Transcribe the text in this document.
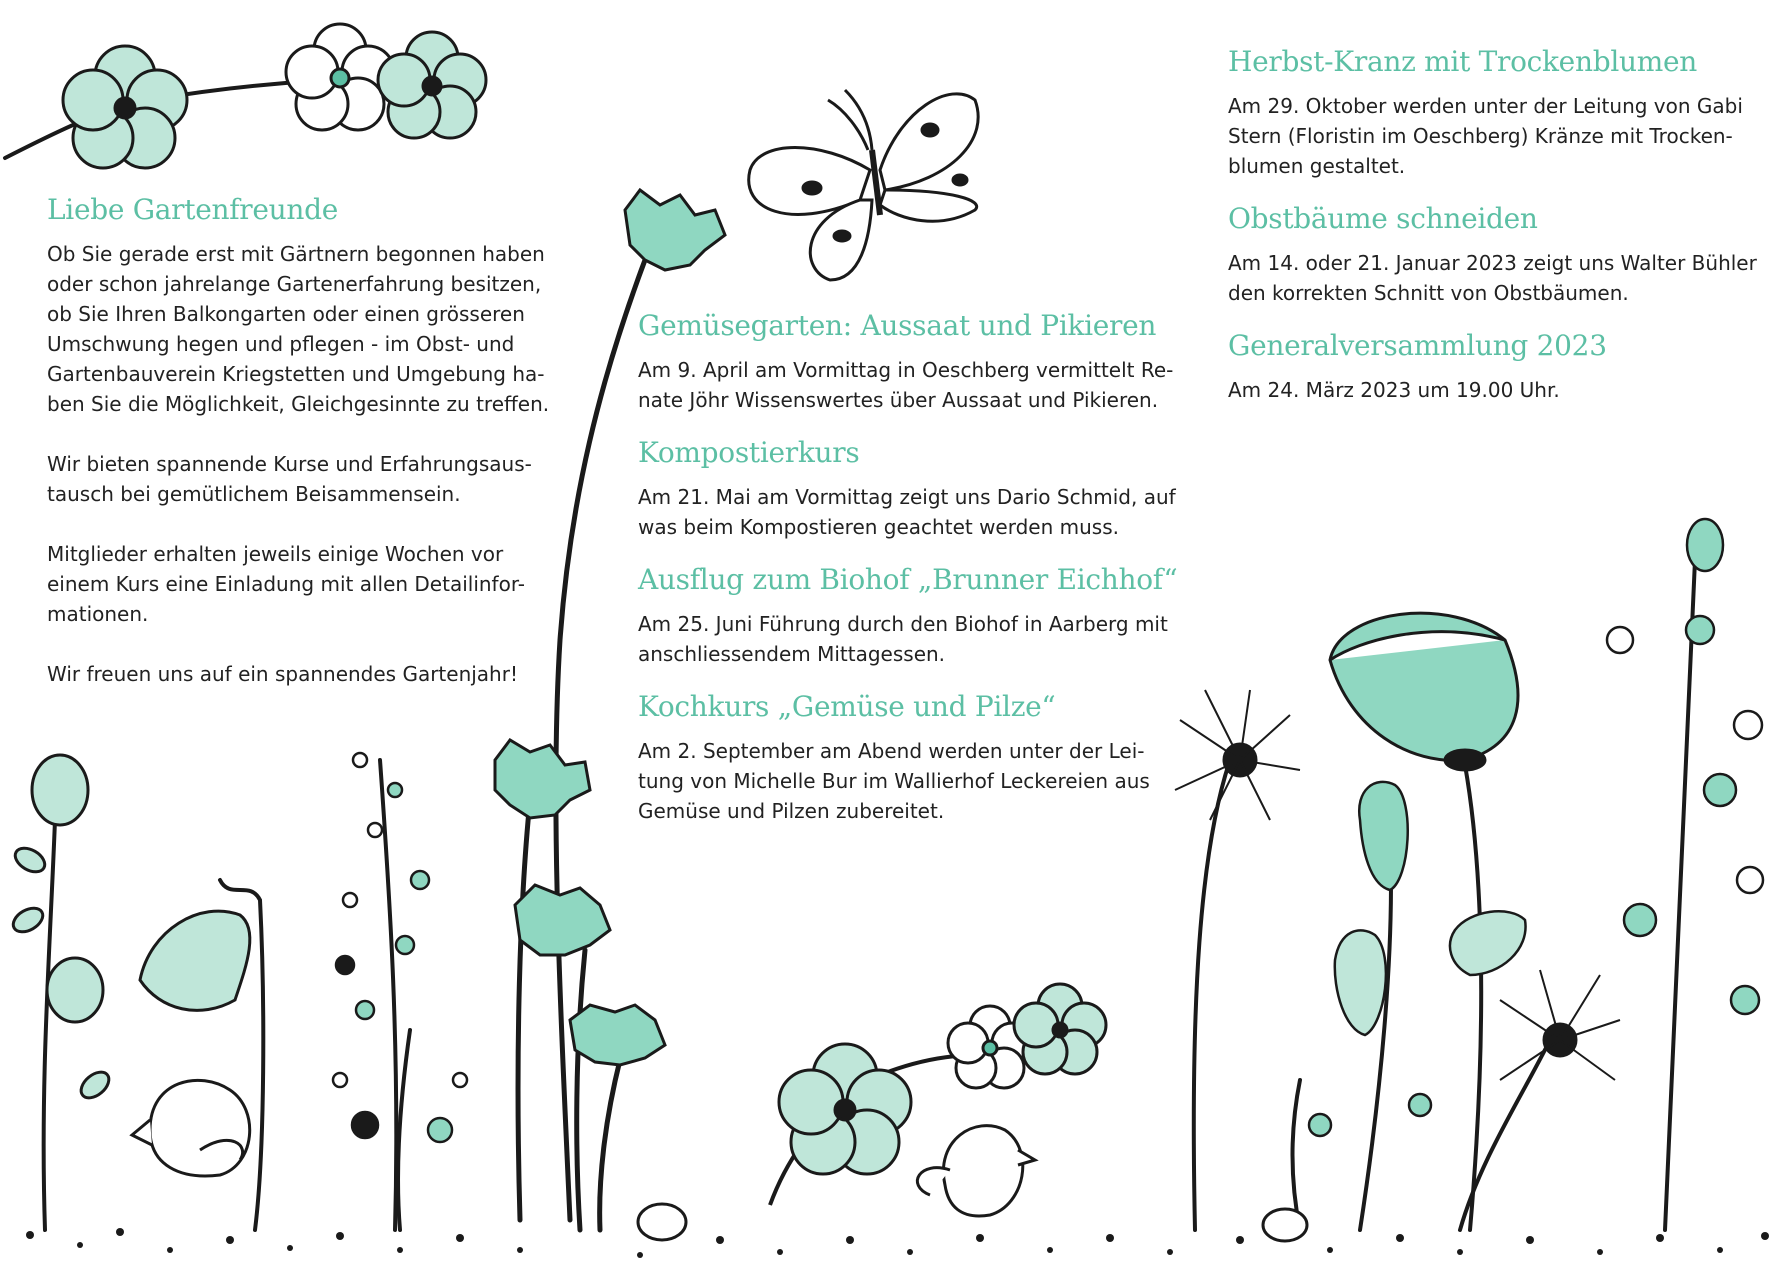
Liebe Gartenfreunde

Ob Sie gerade erst mit Gärtnern begonnen haben

oder schon jahrelange Gartenerfahrung besitzen,

ob Sie Ihren Balkongarten oder einen grösseren

Umschwung hegen und pflegen - im Obst- und

Gartenbauverein Kriegstetten und Umgebung ha-

ben Sie die Möglichkeit, Gleichgesinnte zu treffen.

Wir bieten spannende Kurse und Erfahrungsaus-

tausch bei gemütlichem Beisammensein.

Mitglieder erhalten jeweils einige Wochen vor

einem Kurs eine Einladung mit allen Detailinfor-

mationen.

Wir freuen uns auf ein spannendes Gartenjahr!

Gemüsegarten: Aussaat und Pikieren

Am 9. April am Vormittag in Oeschberg vermittelt Re-

nate Jöhr Wissenswertes über Aussaat und Pikieren.

Kompostierkurs

Am 21. Mai am Vormittag zeigt uns Dario Schmid, auf

was beim Kompostieren geachtet werden muss.

Ausflug zum Biohof „Brunner Eichhof“

Am 25. Juni Führung durch den Biohof in Aarberg mit

anschliessendem Mittagessen.

Kochkurs „Gemüse und Pilze“

Am 2. September am Abend werden unter der Lei-

tung von Michelle Bur im Wallierhof Leckereien aus

Gemüse und Pilzen zubereitet.

Herbst-Kranz mit Trockenblumen

Am 29. Oktober werden unter der Leitung von Gabi

Stern (Floristin im Oeschberg) Kränze mit Trocken-

blumen gestaltet.

Obstbäume schneiden

Am 14. oder 21. Januar 2023 zeigt uns Walter Bühler

den korrekten Schnitt von Obstbäumen.

Generalversammlung 2023

Am 24. März 2023 um 19.00 Uhr.
